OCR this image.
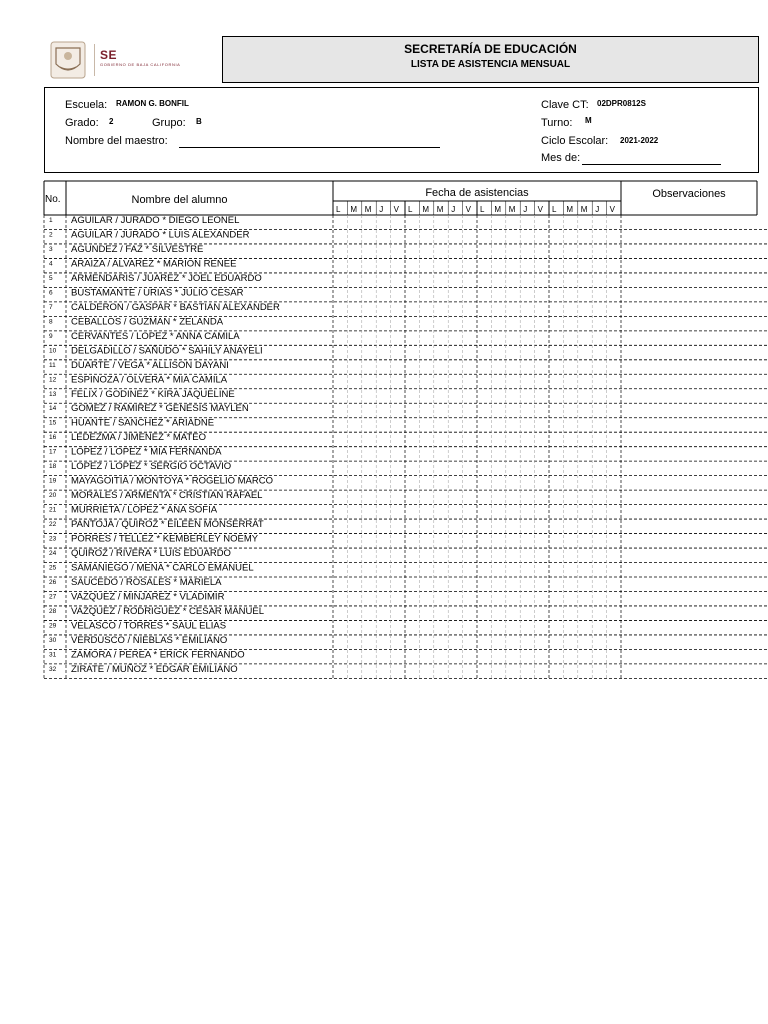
SE
GOBIERNO DE BAJA CALIFORNIA
SECRETARÍA DE EDUCACIÓN
LISTA DE ASISTENCIA MENSUAL
Escuela: RAMON G. BONFIL
Grado: 2	Grupo: B
Nombre del maestro:
Clave CT: 02DPR0812S
Turno: M
Ciclo Escolar: 2021-2022
Mes de:
No.	Nombre del alumno
Fecha de asistencias	Observaciones
L M M J V L M M J V L M M J V L M M J V
1 AGUILAR / JURADO * DIEGO LEONEL
2 AGUILAR / JURADO * LUIS ALEXANDER
3 AGUNDEZ / FAZ * SILVESTRE
4 ARAIZA / ALVAREZ * MARION RENEE
5 ARMENDARIS / JUAREZ * JOEL EDUARDO
6 BUSTAMANTE / URIAS * JULIO CESAR
7 CALDERON / GASPAR * BASTIAN ALEXANDER
8 CEBALLOS / GUZMAN * ZELANDA
9 CERVANTES / LOPEZ * ANNA CAMILA
10 DELGADILLO / SAÑUDO * SAHILY ANAYELI
11 DUARTE / VEGA * ALLISON DAYANI
12 ESPINOZA / OLVERA * MIA CAMILA
13 FELIX / GODINEZ * KIRA JAQUELINE
14 GOMEZ / RAMIREZ * GENESIS MAYLEN
15 HUANTE / SANCHEZ * ARIADNE
16 LEDEZMA / JIMENEZ * MATEO
17 LOPEZ / LOPEZ * MIA FERNANDA
18 LOPEZ / LOPEZ * SERGIO OCTAVIO
19 MAYAGOITIA / MONTOYA * ROGELIO MARCO
20 MORALES / ARMENTA * CRISTIAN RAFAEL
21 MURRIETA / LOPEZ * ANA SOFIA
22 PANTOJA / QUIROZ * EILEEN MONSERRAT
23 PORRES / TELLEZ * KEMBERLEY NOEMY
24 QUIROZ / RIVERA * LUIS EDUARDO
25 SAMANIEGO / MENA * CARLO EMANUEL
26 SAUCEDO / ROSALES * MARIELA
27 VAZQUEZ / MINJAREZ * VLADIMIR
28 VAZQUEZ / RODRIGUEZ * CESAR MANUEL
29 VELASCO / TORRES * SAUL ELIAS
30 VERDUSCO / NIEBLAS * EMILIANO
31 ZAMORA / PEREA * ERICK FERNANDO
32 ZIRATE / MUÑOZ * EDGAR EMILIANO
